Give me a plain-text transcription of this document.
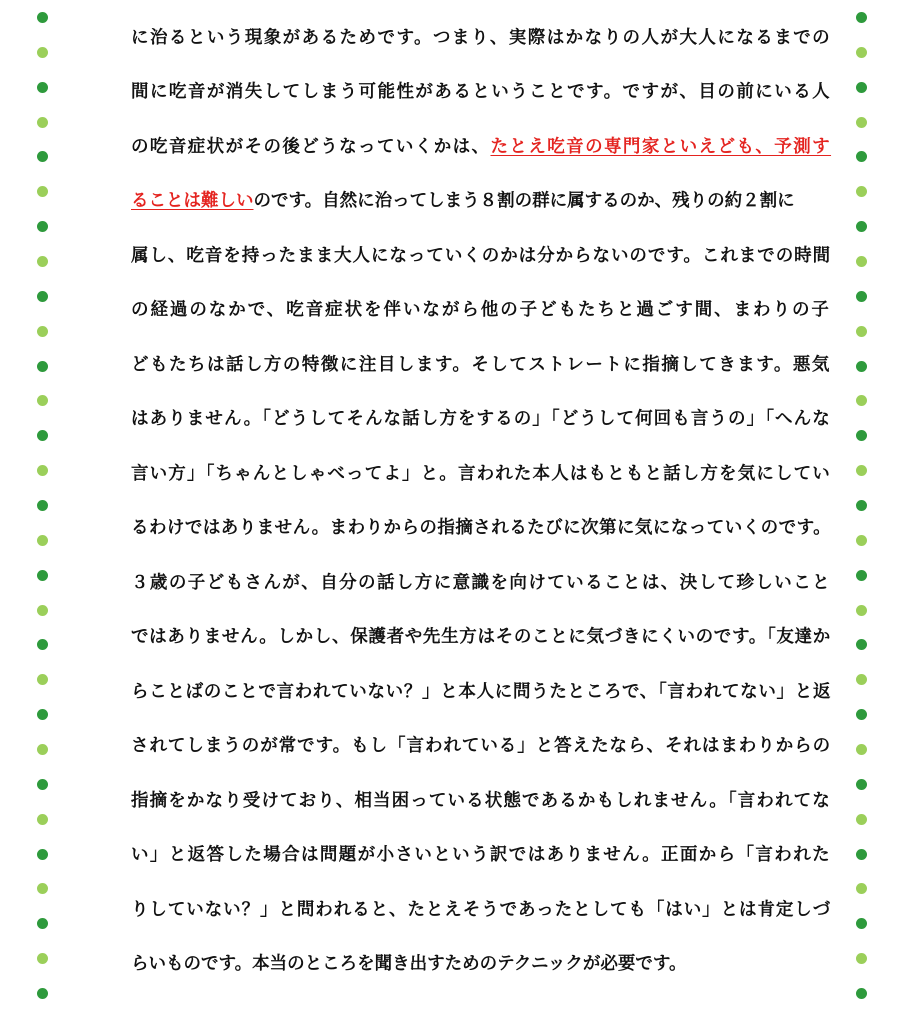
に治るという現象があるためです。つまり、実際はかなりの人が大人になるまでの
間に吃音が消失してしまう可能性があるということです。ですが、目の前にいる人
の吃音症状がその後どうなっていくかは、 たとえ吃音の専門家といえども、予測す
ることは難しい のです。自然に治ってしまう８割の群に属するのか、残りの約２割に
属し、吃音を持ったまま大人になっていくのかは分からないのです。これまでの時間
の経過のなかで、吃音症状を伴いながら他の子どもたちと過ごす間、まわりの子
どもたちは話し方の特徴に注目します。そしてストレートに指摘してきます。悪気
はありません。「どうしてそんな話し方をするの」「どうして何回も言うの」「へんな
言い方」「ちゃんとしゃべってよ」と。言われた本人はもともと話し方を気にしてい
るわけではありません。まわりからの指摘されるたびに次第に気になっていくのです。
３歳の子どもさんが、自分の話し方に意識を向けていることは、決して珍しいこと
ではありません。しかし、保護者や先生方はそのことに気づきにくいのです。「友達か
らことばのことで言われていない？」と本人に問うたところで、「言われてない」と返
されてしまうのが常です。もし「言われている」と答えたなら、それはまわりからの
指摘をかなり受けており、相当困っている状態であるかもしれません。「言われてな
い」と返答した場合は問題が小さいという訳ではありません。正面から「言われた
りしていない？」と問われると、たとえそうであったとしても「はい」とは肯定しづ
らいものです。本当のところを聞き出すためのテクニックが必要です。
